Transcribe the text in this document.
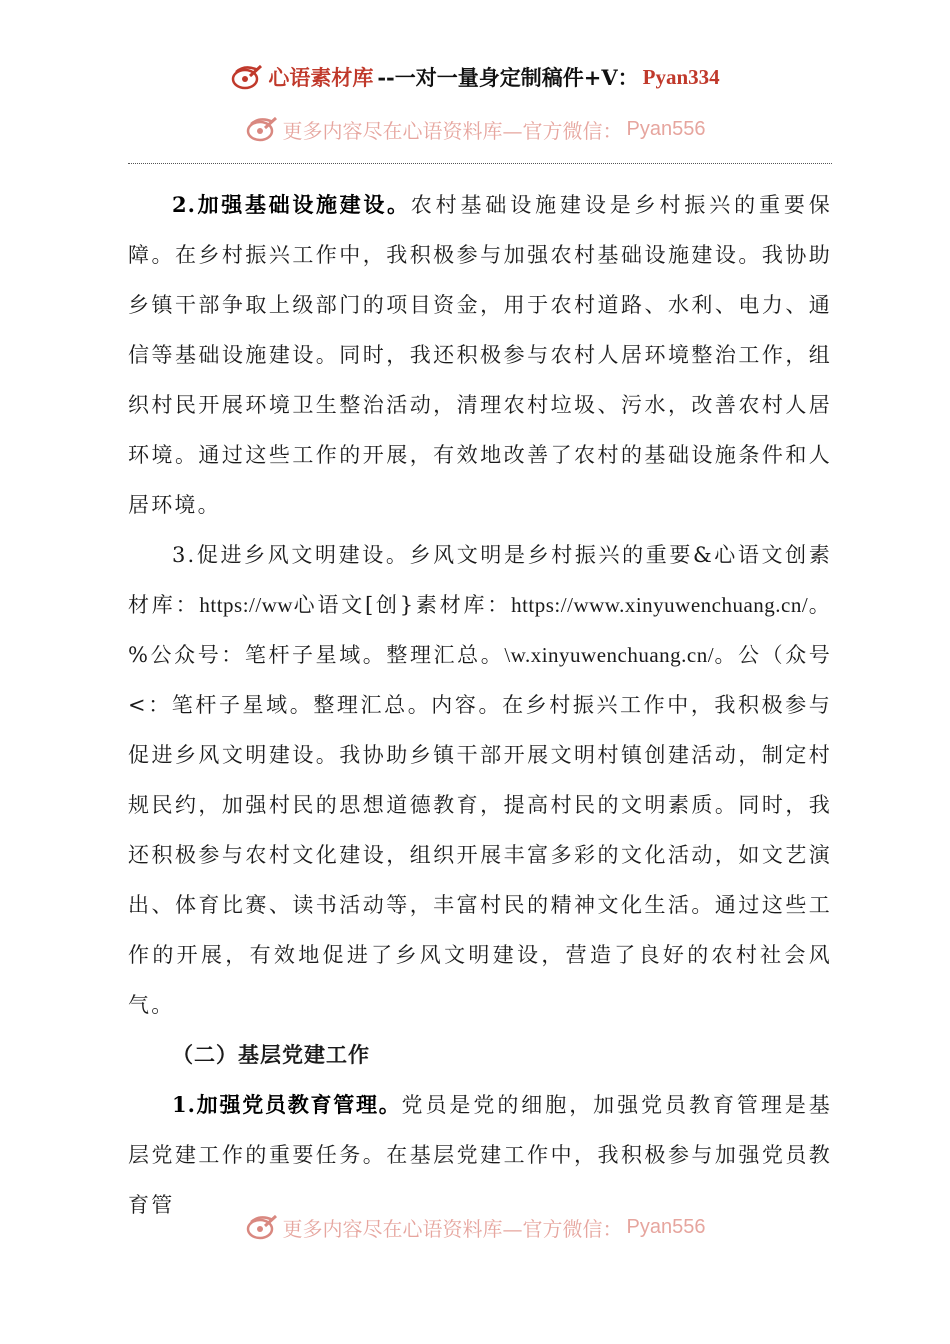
心语素材库 --一对一量身定制稿件+V： Pyan334
更多内容尽在心语资料库—官方微信： Pyan556

2.加强基础设施建设。农村基础设施建设是乡村振兴的重要保障。在乡村振兴工作中，我积极参与加强农村基础设施建设。我协助乡镇干部争取上级部门的项目资金，用于农村道路、水利、电力、通信等基础设施建设。同时，我还积极参与农村人居环境整治工作，组织村民开展环境卫生整治活动，清理农村垃圾、污水，改善农村人居环境。通过这些工作的开展，有效地改善了农村的基础设施条件和人居环境。

3.促进乡风文明建设。乡风文明是乡村振兴的重要&心语文创素材库：https://ww心语文[创}素材库：https://www.xinyuwenchuang.cn/。%公众号：笔杆子星域。整理汇总。\w.xinyuwenchuang.cn/。公（众号<：笔杆子星域。整理汇总。内容。在乡村振兴工作中，我积极参与促进乡风文明建设。我协助乡镇干部开展文明村镇创建活动，制定村规民约，加强村民的思想道德教育，提高村民的文明素质。同时，我还积极参与农村文化建设，组织开展丰富多彩的文化活动，如文艺演出、体育比赛、读书活动等，丰富村民的精神文化生活。通过这些工作的开展，有效地促进了乡风文明建设，营造了良好的农村社会风气。

（二）基层党建工作

1.加强党员教育管理。党员是党的细胞，加强党员教育管理是基层党建工作的重要任务。在基层党建工作中，我积极参与加强党员教育管

更多内容尽在心语资料库—官方微信： Pyan556
